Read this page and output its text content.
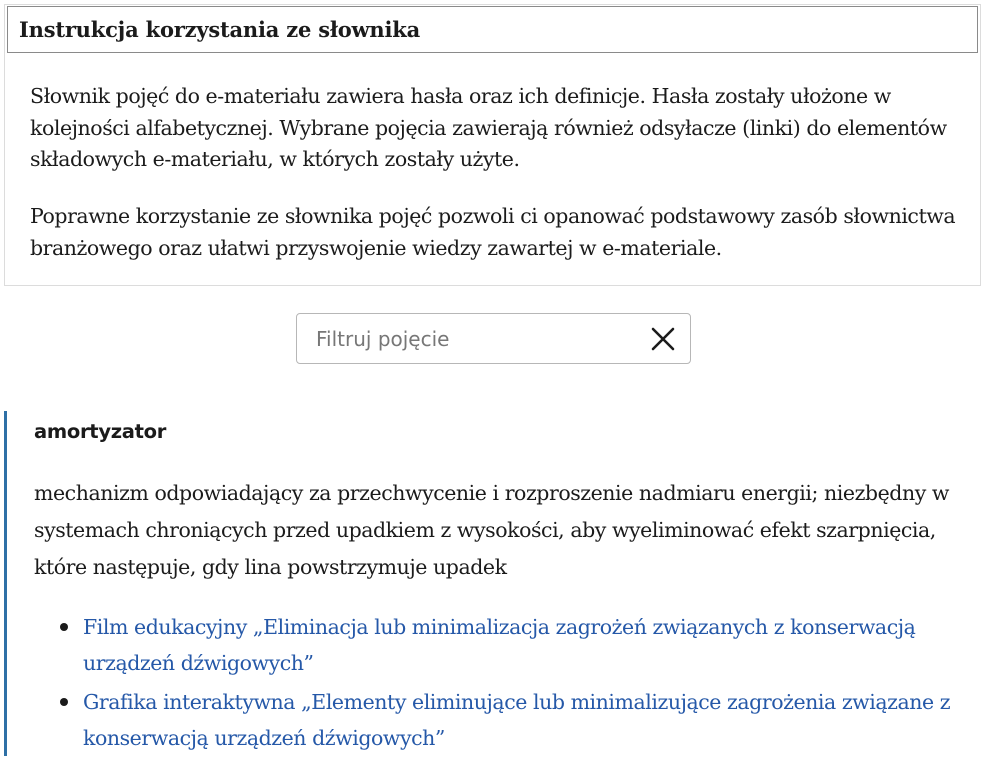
Instrukcja korzystania ze słownika

Słownik pojęć do e-materiału zawiera hasła oraz ich definicje. Hasła zostały ułożone w kolejności alfabetycznej. Wybrane pojęcia zawierają również odsyłacze (linki) do elementów składowych e-materiału, w których zostały użyte.

Poprawne korzystanie ze słownika pojęć pozwoli ci opanować podstawowy zasób słownictwa branżowego oraz ułatwi przyswojenie wiedzy zawartej w e-materiale.

Filtruj pojęcie
amortyzator

mechanizm odpowiadający za przechwycenie i rozproszenie nadmiaru energii; niezbędny w systemach chroniących przed upadkiem z wysokości, aby wyeliminować efekt szarpnięcia, które następuje, gdy lina powstrzymuje upadek

Film edukacyjny „Eliminacja lub minimalizacja zagrożeń związanych z konserwacją urządzeń dźwigowych”
Grafika interaktywna „Elementy eliminujące lub minimalizujące zagrożenia związane z konserwacją urządzeń dźwigowych”
